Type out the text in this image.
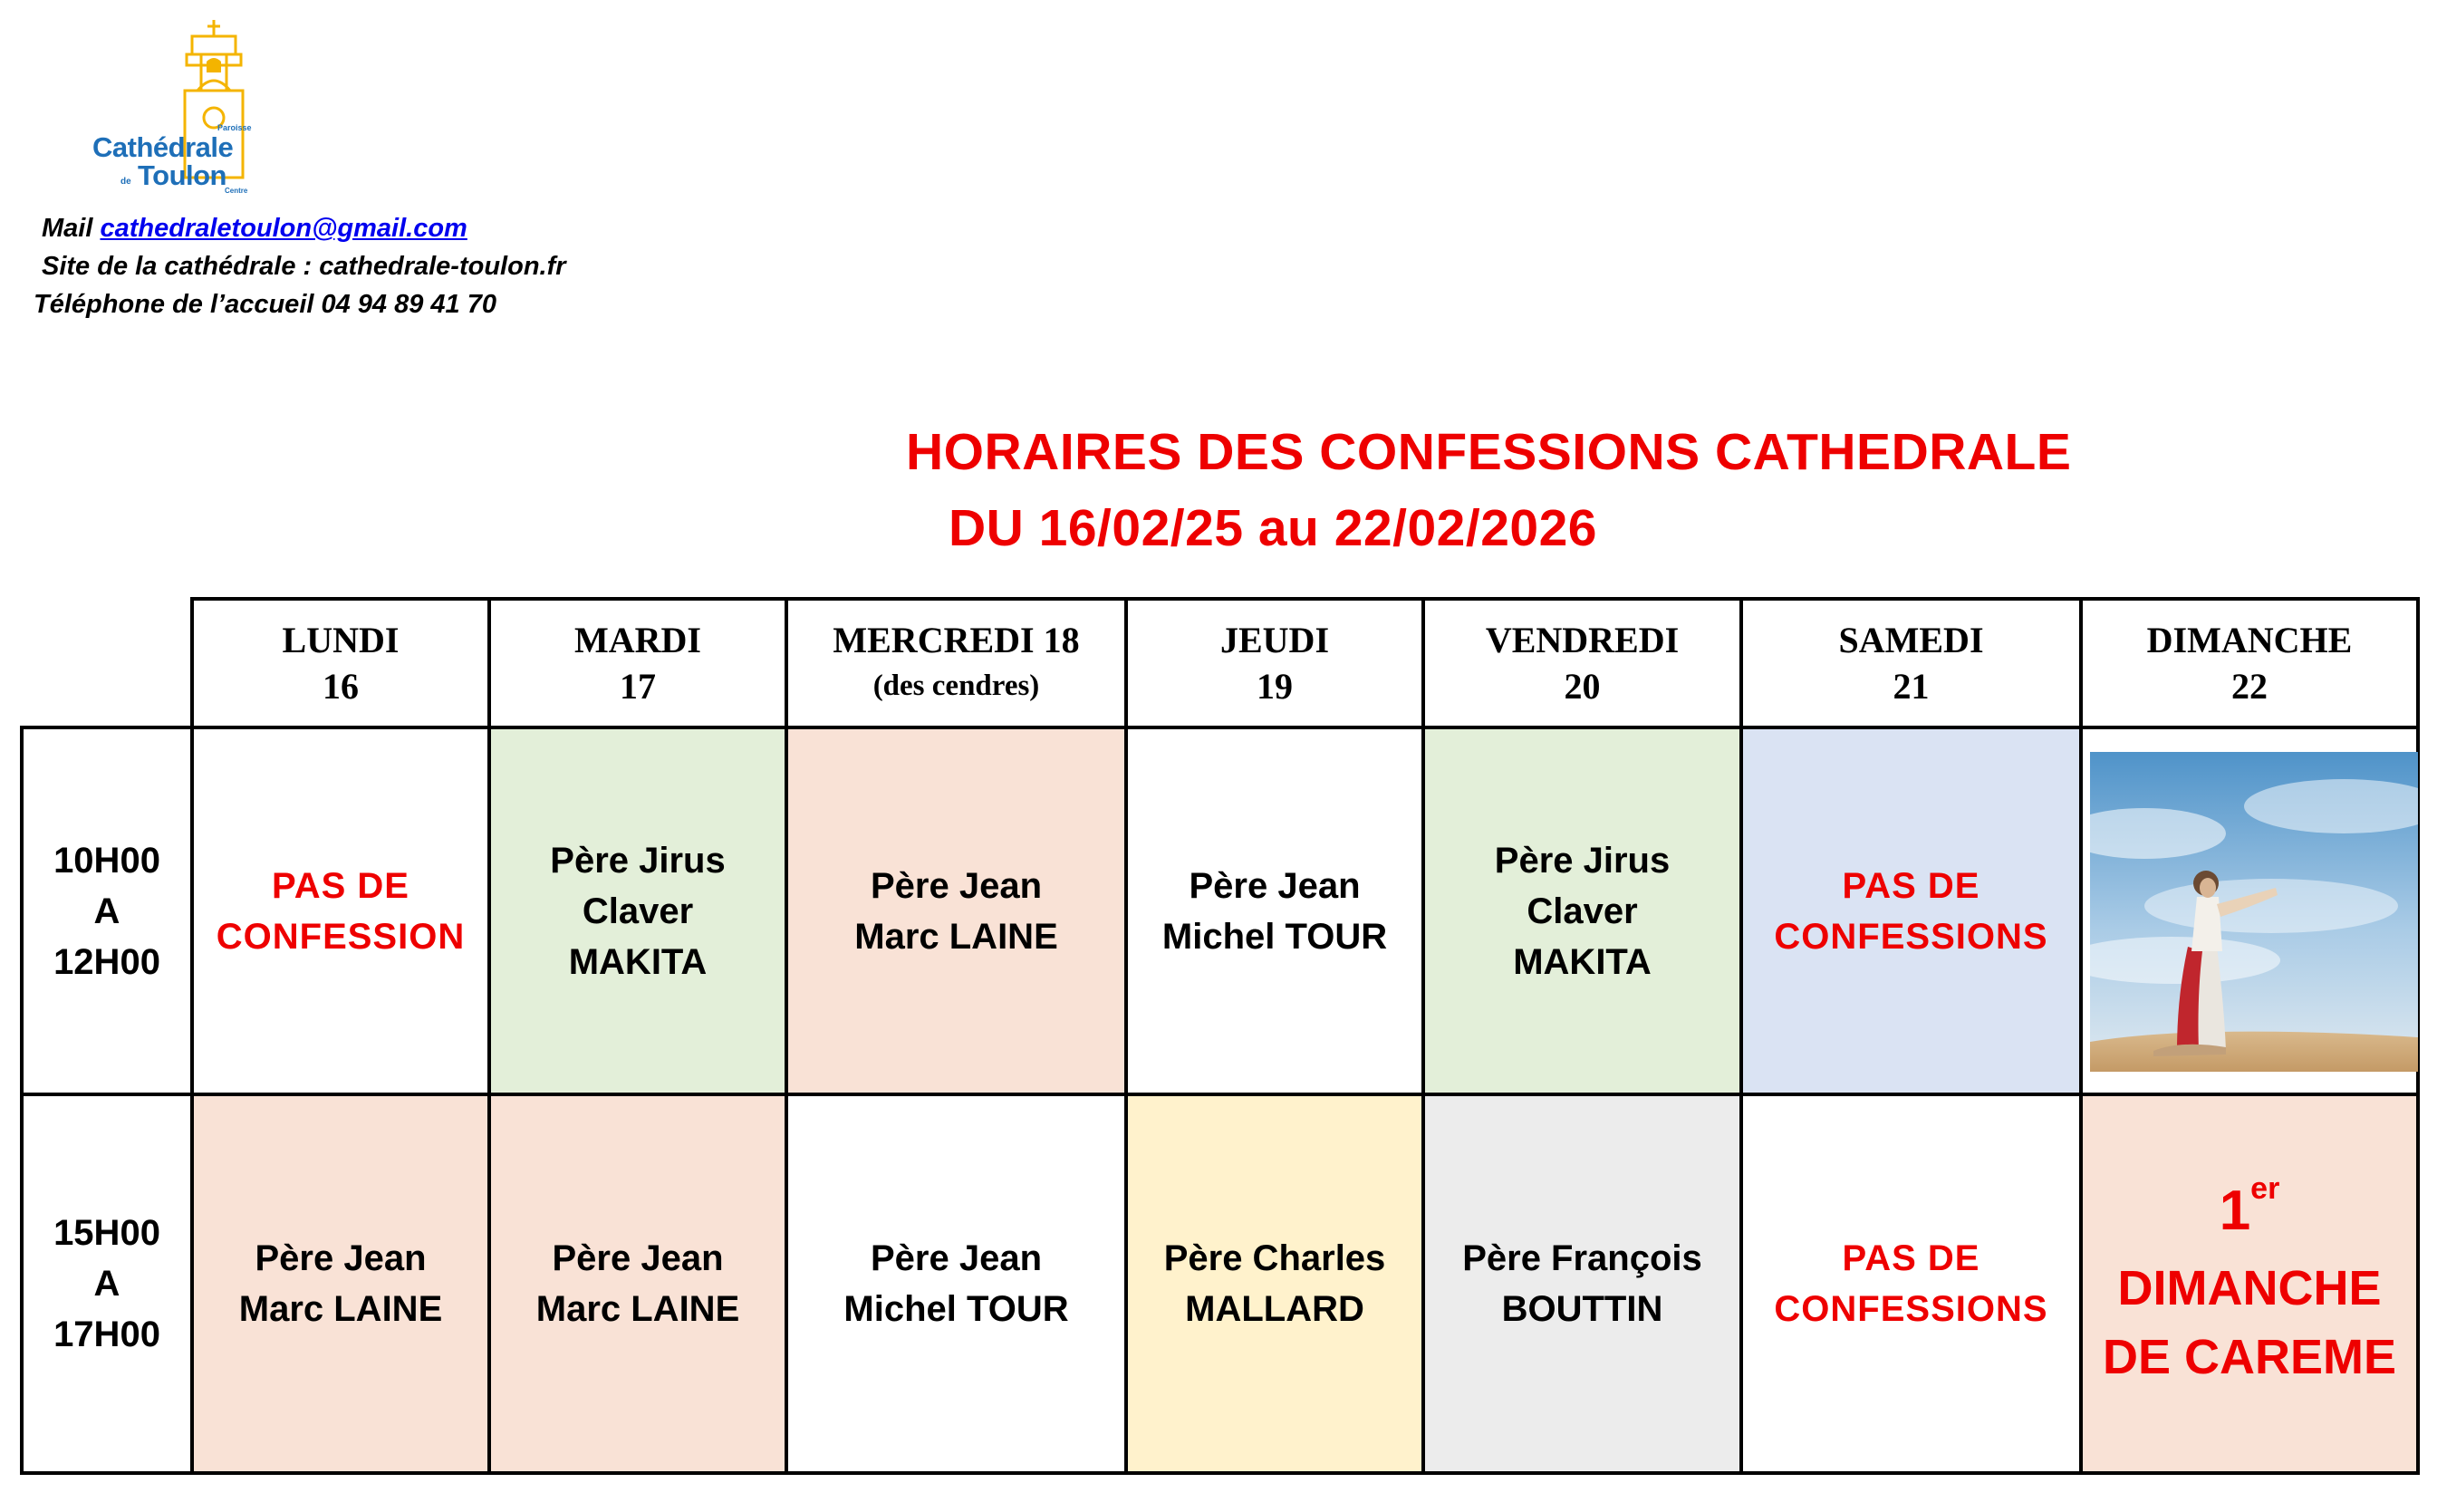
Paroisse
Cathédrale
de Toulon
Centre
Mail cathedraletoulon@gmail.com
Site de la cathédrale : cathedrale-toulon.fr
Téléphone de l’accueil 04 94 89 41 70
HORAIRES DES CONFESSIONS CATHEDRALE
DU 16/02/25 au 22/02/2026
LUNDI
16
MARDI
17
MERCREDI 18
(des cendres)
JEUDI
19
VENDREDI
20
SAMEDI
21
DIMANCHE
22
10H00
A
12H00
15H00
A
17H00
PAS DE
CONFESSION
Père Jirus
Claver
MAKITA
Père Jean
Marc LAINE
Père Jean
Michel TOUR
Père Jirus
Claver
MAKITA
PAS DE
CONFESSIONS
Père Jean
Marc LAINE
Père Jean
Marc LAINE
Père Jean
Michel TOUR
Père Charles
MALLARD
Père François
BOUTTIN
PAS DE
CONFESSIONS
1er
DIMANCHE
DE CAREME
